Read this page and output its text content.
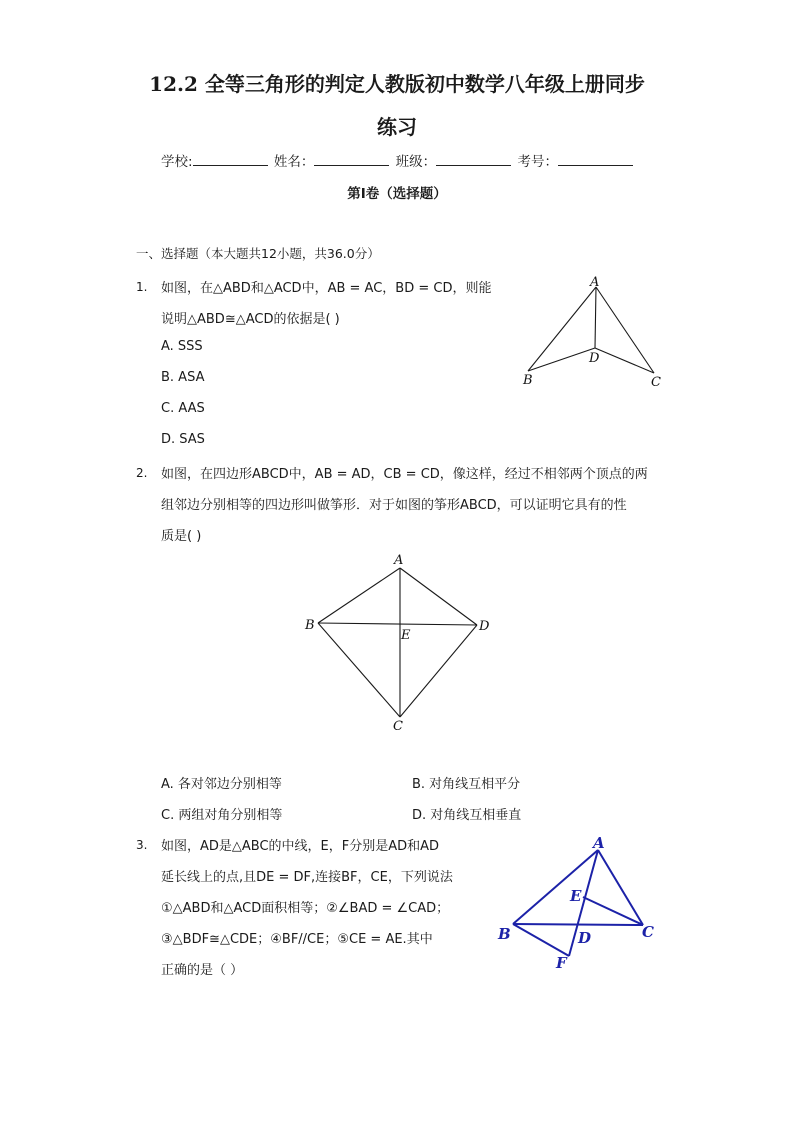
12.2 全等三角形的判定人教版初中数学八年级上册同步
练习
学校:	姓名：	班级：	考号：
第I卷（选择题）
一、选择题（本大题共12小题，共36.0分）
1. 如图，在△ABD和△ACD中，AB = AC，BD = CD，则能
说明△ABD≅△ACD的依据是( )
A. SSS
B. ASA
C. AAS
D. SAS
A
B	C
D
2. 如图，在四边形ABCD中，AB = AD，CB = CD，像这样，经过不相邻两个顶点的两
组邻边分别相等的四边形叫做筝形．对于如图的筝形ABCD，可以证明它具有的性
质是( )
A
B
C
D
E
A. 各对邻边分别相等	B. 对角线互相平分
C. 两组对角分别相等	D. 对角线互相垂直
3. 如图，AD是△ABC的中线，E，F分别是AD和AD
延长线上的点,且DE = DF,连接BF，CE，下列说法
①△ABD和△ACD面积相等；②∠BAD = ∠CAD；
③△BDF≅△CDE；④BF//CE；⑤CE = AE.其中
正确的是（ ）
A
B	C
D
E
F
